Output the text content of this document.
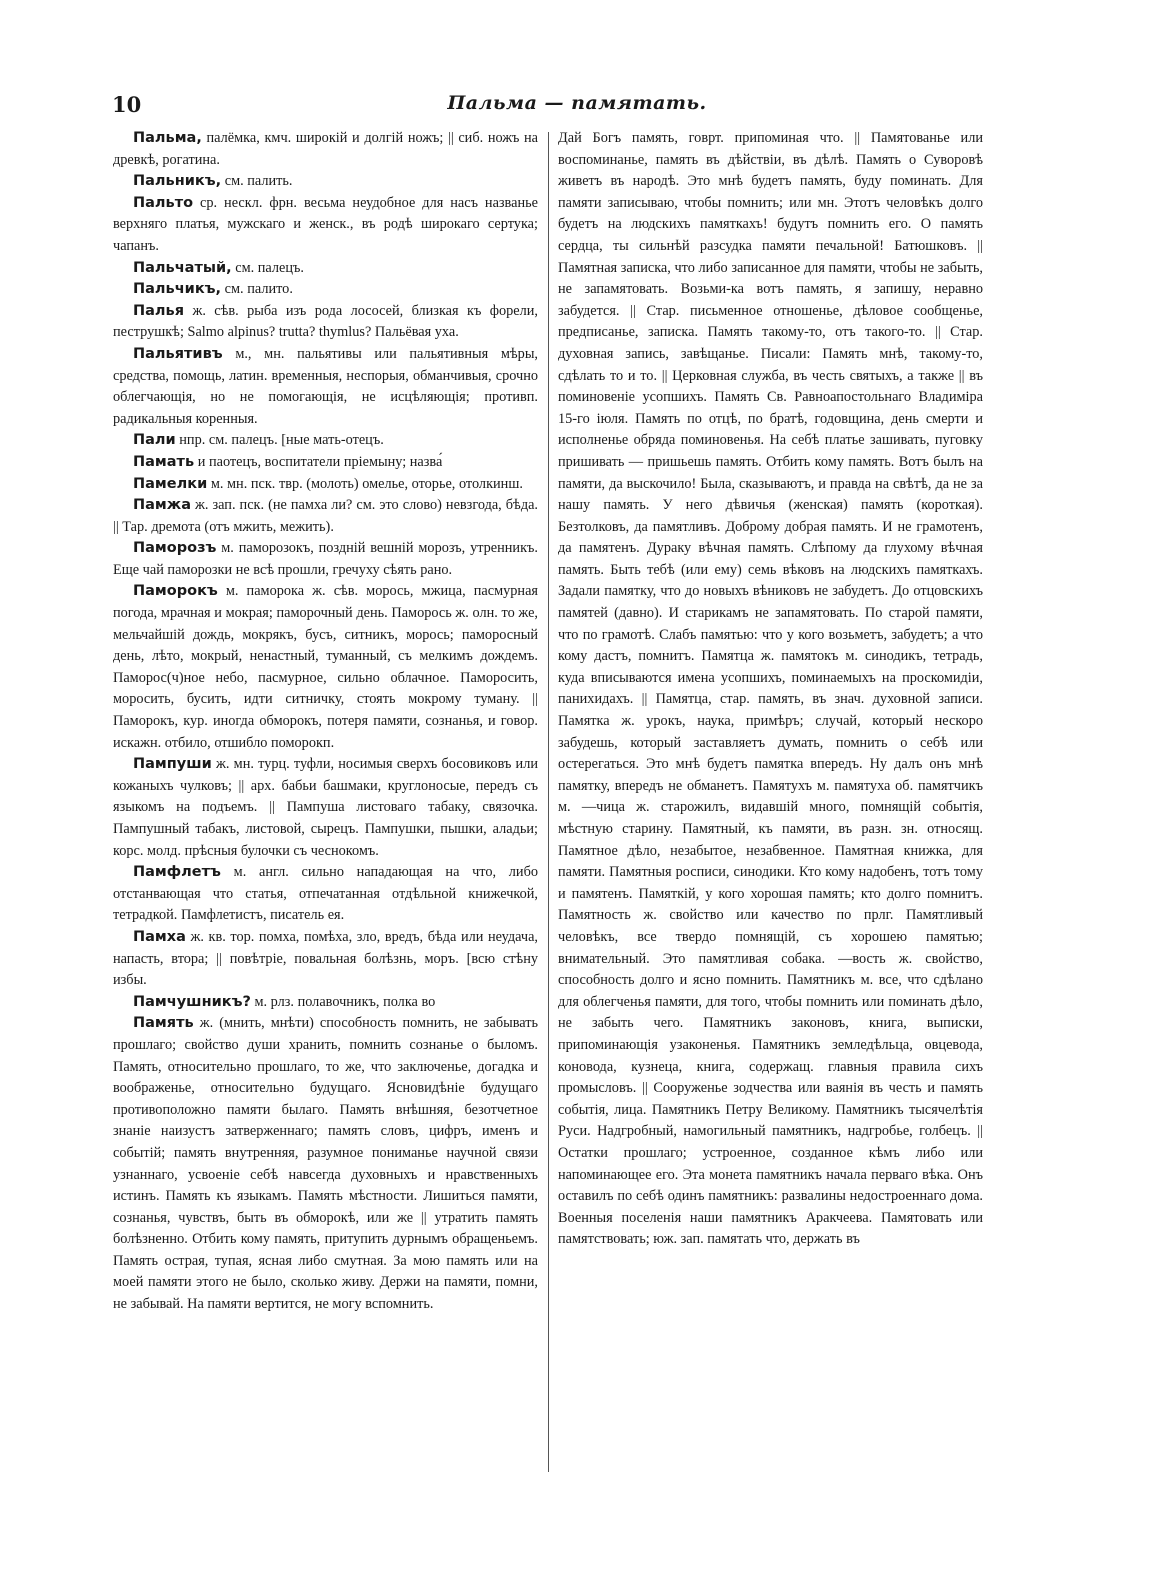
10	Пальма — памятать.

Пальма, палёмка, кмч. широкій и долгій ножъ; || сиб. ножъ на древкѣ, рогатина.

Пальникъ, см. палить.

Пальто ср. нескл. фрн. весьма неудобное для насъ названье верхняго платья, мужскаго и женск., въ родѣ широкаго сертука; чапанъ.

Пальчатый, см. палецъ.

Пальчикъ, см. палито.

Палья ж. сѣв. рыба изъ рода лососей, близкая къ форели, пеструшкѣ; Salmo alpinus? trutta? thymlus? Пальёвая уха.

Пальятивъ м., мн. пальятивы или пальятивныя мѣры, средства, помощь, латин. временныя, неспорыя, обманчивыя, срочно облегчающія, но не помогающія, не исцѣляющія; противп. радикальныя коренныя.

Пали нпр. см. палецъ. [ные мать-отецъ.

Памать и паотецъ, воспитатели пріемыну; назва́

Памелки м. мн. пск. твр. (молоть) омелье, оторье, отолкинш.

Памжа ж. зап. пск. (не памха ли? см. это слово) невзгода, бѣда. || Тар. дремота (отъ мжить, межить).

Паморозъ м. паморозокъ, поздній вешній морозъ, утренникъ. Еще чай паморозки не всѣ прошли, гречуху сѣять рано.

Паморокъ м. паморока ж. сѣв. морось, мжица, пасмурная погода, мрачная и мокрая; паморочный день. Паморось ж. олн. то же, мельчайшій дождь, мокрякъ, бусъ, ситникъ, морось; паморосный день, лѣто, мокрый, ненастный, туманный, съ мелкимъ дождемъ. Паморос(ч)ное небо, пасмурное, сильно облачное. Паморосить, моросить, бусить, идти ситничку, стоять мокрому туману. || Паморокъ, кур. иногда обморокъ, потеря памяти, сознанья, и говор. искажн. отбило, отшибло поморокп.

Пампуши ж. мн. турц. туфли, носимыя сверхъ босовиковъ или кожаныхъ чулковъ; || арх. бабьи башмаки, круглоносые, передъ съ языкомъ на подъемъ. || Пампуша листоваго табаку, связочка. Пампушный табакъ, листовой, сырецъ. Пампушки, пышки, аладьи; корс. молд. прѣсныя булочки съ чеснокомъ.

Памфлетъ м. англ. сильно нападающая на что, либо отстанвающая что статья, отпечатанная отдѣльной книжечкой, тетрадкой. Памфлетистъ, писатель ея.

Памха ж. кв. тор. помха, помѣха, зло, вредъ, бѣда или неудача, напасть, втора; || повѣтріе, повальная болѣзнь, моръ. [всю стѣну избы.

Памчушникъ? м. рлз. полавочникъ, полка во

Память ж. (мнить, мнѣти) способность помнить, не забывать прошлаго; свойство души хранить, помнить сознанье о быломъ. Память, относительно прошлаго, то же, что заключенье, догадка и воображенье, относительно будущаго. Ясновидѣніе будущаго противоположно памяти былаго. Память внѣшняя, безотчетное знаніе наизустъ затверженнаго; память словъ, цифръ, именъ и событій; память внутренняя, разумное пониманье научной связи узнаннаго, усвоеніе себѣ навсегда духовныхъ и нравственныхъ истинъ. Память къ языкамъ. Память мѣстности. Лишиться памяти, сознанья, чувствъ, быть въ обморокѣ, или же || утратить память болѣзненно. Отбить кому память, притупить дурнымъ обращеньемъ. Память острая, тупая, ясная либо смутная. За мою память или на моей памяти этого не было, сколько живу. Держи на памяти, помни, не забывай. На памяти вертится, не могу вспомнить.

Дай Богъ память, говрт. припоминая что. || Памятованье или воспоминанье, память въ дѣйствіи, въ дѣлѣ. Память о Суворовѣ живетъ въ народѣ. Это мнѣ будетъ память, буду поминать. Для памяти записываю, чтобы помнить; или мн. Этотъ человѣкъ долго будетъ на людскихъ памяткахъ! будутъ помнить его. О память сердца, ты сильнѣй разсудка памяти печальной! Батюшковъ. || Памятная записка, что либо записанное для памяти, чтобы не забыть, не запамятовать. Возьми-ка вотъ память, я запишу, неравно забудется. || Стар. письменное отношенье, дѣловое сообщенье, предписанье, записка. Память такому-то, отъ такого-то. || Стар. духовная запись, завѣщанье. Писали: Память мнѣ, такому-то, сдѣлать то и то. || Церковная служба, въ честь святыхъ, а также || въ поминовеніе усопшихъ. Память Св. Равноапостольнаго Владиміра 15-го іюля. Память по отцѣ, по братѣ, годовщина, день смерти и исполненье обряда поминовенья. На себѣ платье зашивать, пуговку пришивать — пришьешь память. Отбить кому память. Вотъ былъ на памяти, да выскочило! Была, сказываютъ, и правда на свѣтѣ, да не за нашу память. У него дѣвичья (женская) память (короткая). Безтолковъ, да памятливъ. Доброму добрая память. И не грамотенъ, да памятенъ. Дураку вѣчная память. Слѣпому да глухому вѣчная память. Быть тебѣ (или ему) семь вѣковъ на людскихъ памяткахъ. Задали памятку, что до новыхъ вѣниковъ не забудетъ. До отцовскихъ памятей (давно). И старикамъ не запамятовать. По старой памяти, что по грамотѣ. Слабъ памятью: что у кого возьметъ, забудетъ; а что кому дастъ, помнитъ. Памятца ж. памятокъ м. синодикъ, тетрадь, куда вписываются имена усопшихъ, поминаемыхъ на проскомидіи, панихидахъ. || Памятца, стар. память, въ знач. духовной записи. Памятка ж. урокъ, наука, примѣръ; случай, который нескоро забудешь, который заставляетъ думать, помнить о себѣ или остерегаться. Это мнѣ будетъ памятка впередъ. Ну далъ онъ мнѣ памятку, впередъ не обманетъ. Памятухъ м. памятуха об. памятчикъ м. —чица ж. старожилъ, видавшій много, помнящій событія, мѣстную старину. Памятный, къ памяти, въ разн. зн. относящ. Памятное дѣло, незабытое, незабвенное. Памятная книжка, для памяти. Памятныя росписи, синодики. Кто кому надобенъ, тотъ тому и памятенъ. Памяткій, у кого хорошая память; кто долго помнитъ. Памятность ж. свойство или качество по прлг. Памятливый человѣкъ, все твердо помнящій, съ хорошею памятью; внимательный. Это памятливая собака. —вость ж. свойство, способность долго и ясно помнить. Памятникъ м. все, что сдѣлано для облегченья памяти, для того, чтобы помнить или поминать дѣло, не забыть чего. Памятникъ законовъ, книга, выписки, припоминающія узаконенья. Памятникъ земледѣльца, овцевода, коновода, кузнеца, книга, содержащ. главныя правила сихъ промысловъ. || Сооруженье зодчества или ваянія въ честь и память событія, лица. Памятникъ Петру Великому. Памятникъ тысячелѣтія Руси. Надгробный, намогильный памятникъ, надгробье, голбецъ. || Остатки прошлаго; устроенное, созданное кѣмъ либо или напоминающее его. Эта монета памятникъ начала перваго вѣка. Онъ оставилъ по себѣ одинъ памятникъ: развалины недостроеннаго дома. Военныя поселенія наши памятникъ Аракчеева. Памятовать или памятствовать; юж. зап. памятать что, держать въ
